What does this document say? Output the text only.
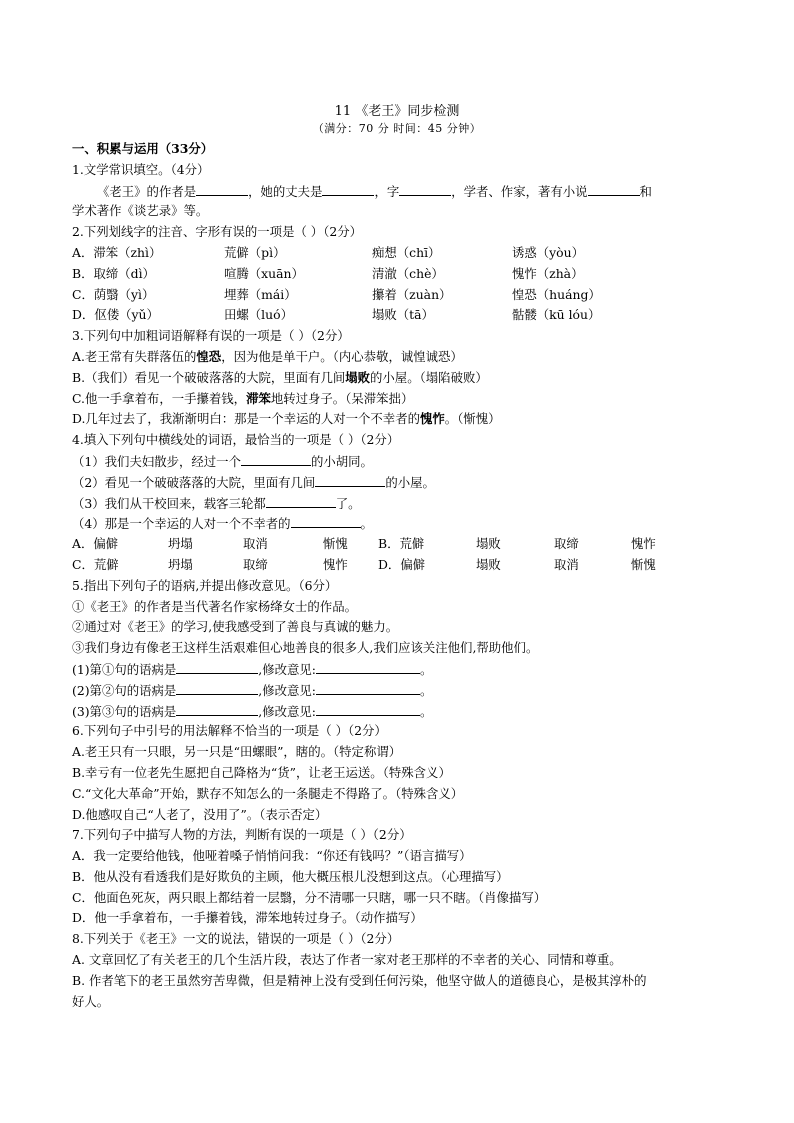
11 《老王》同步检测
（满分：70 分 时间：45 分钟）
一、积累与运用（33分）
1.文学常识填空。（4分）
《老王》的作者是	，她的丈夫是	，字	，学者、作家，著有小说	和
学术著作《谈艺录》等。
2.下列划线字的注音、字形有误的一项是（ ）（2分）
A．滞笨（zhì）	荒僻（pì）	痴想（chī）	诱惑（yòu）
B．取缔（dì）	喧腾（xuān）	清澈（chè）	愧怍（zhà）
C．荫翳（yì）	埋葬（mái）	攥着（zuàn）	惶恐（huáng）
D．伛偻（yǔ）	田螺（luó）	塌败（tā）	骷髅（kū lóu）
3.下列句中加粗词语解释有误的一项是（ ）（2分）
A.老王常有失群落伍的惶恐，因为他是单干户。（内心恭敬，诚惶诚恐）
B.（我们）看见一个破破落落的大院，里面有几间塌败的小屋。（塌陷破败）
C.他一手拿着布，一手攥着钱，滞笨地转过身子。（呆滞笨拙）
D.几年过去了，我渐渐明白：那是一个幸运的人对一个不幸者的愧怍。（惭愧）
4.填入下列句中横线处的词语，最恰当的一项是（ ）（2分）
（1）我们夫妇散步，经过一个	的小胡同。
（2）看见一个破破落落的大院，里面有几间	的小屋。
（3）我们从干校回来，载客三轮都	了。
（4）那是一个幸运的人对一个不幸者的	。
A．偏僻	坍塌	取消	惭愧 B．荒僻	塌败	取缔	愧怍
C．荒僻	坍塌	取缔	愧怍 D．偏僻	塌败	取消	惭愧
5.指出下列句子的语病,并提出修改意见。（6分）
①《老王》的作者是当代著名作家杨绛女士的作品。
②通过对《老王》的学习,使我感受到了善良与真诚的魅力。
③我们身边有像老王这样生活艰难但心地善良的很多人,我们应该关注他们,帮助他们。
(1)第①句的语病是	,修改意见:	。
(2)第②句的语病是	,修改意见:	。
(3)第③句的语病是	,修改意见:	。
6.下列句子中引号的用法解释不恰当的一项是（ ）（2分）
A.老王只有一只眼，另一只是“田螺眼”，瞎的。（特定称谓）
B.幸亏有一位老先生愿把自己降格为“货”，让老王运送。（特殊含义）
C.“文化大革命”开始，默存不知怎么的一条腿走不得路了。（特殊含义）
D.他感叹自己“人老了，没用了”。（表示否定）
7.下列句子中描写人物的方法，判断有误的一项是（ ）（2分）
A．我一定要给他钱，他哑着嗓子悄悄问我：“你还有钱吗？”（语言描写）
B．他从没有看透我们是好欺负的主顾，他大概压根儿没想到这点。（心理描写）
C．他面色死灰，两只眼上都结着一层翳，分不清哪一只瞎，哪一只不瞎。（肖像描写）
D．他一手拿着布，一手攥着钱，滞笨地转过身子。（动作描写）
8.下列关于《老王》一文的说法，错误的一项是（ ）（2分）
A. 文章回忆了有关老王的几个生活片段，表达了作者一家对老王那样的不幸者的关心、同情和尊重。
B. 作者笔下的老王虽然穷苦卑微，但是精神上没有受到任何污染，他坚守做人的道德良心，是极其淳朴的
好人。
